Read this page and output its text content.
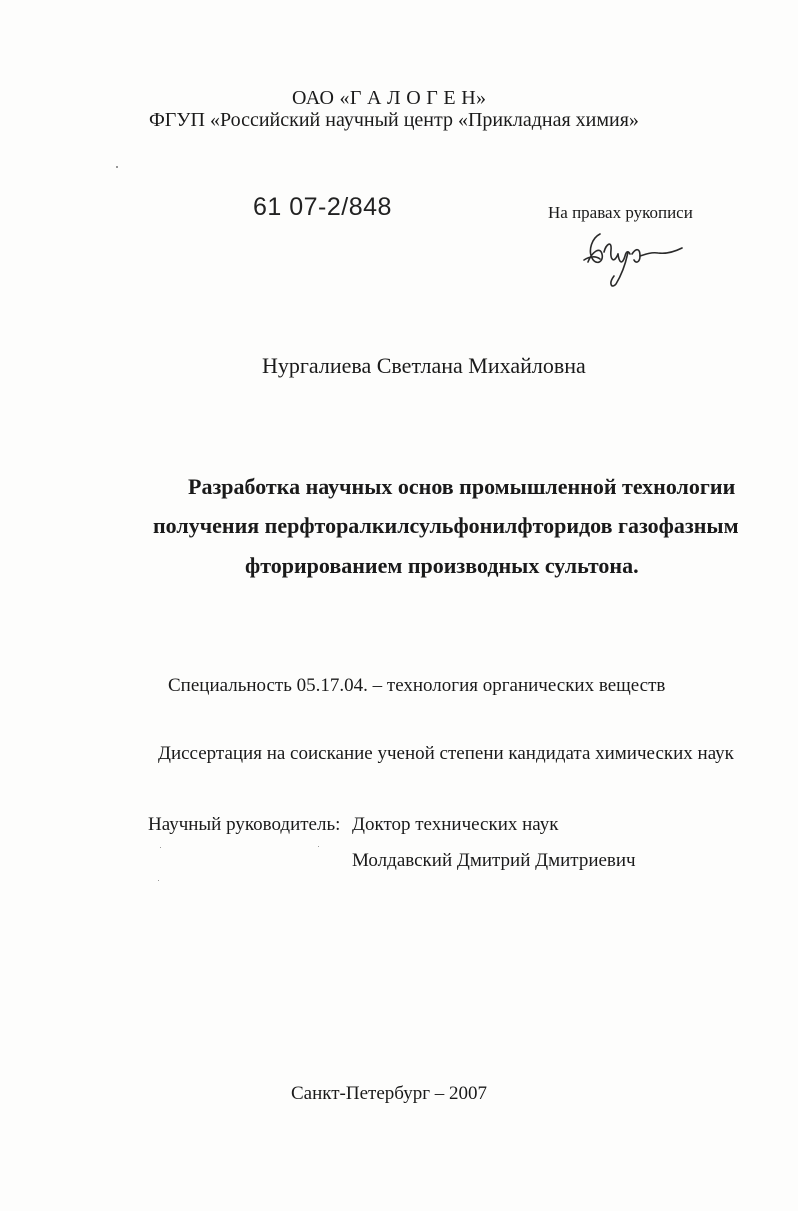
ОАО «Г А Л О Г Е Н»
ФГУП «Российский научный центр «Прикладная химия»
61 07-2/848	На правах рукописи
Нургалиева Светлана Михайловна
Разработка научных основ промышленной технологии
получения перфторалкилсульфонилфторидов газофазным
фторированием производных сультона.
Специальность 05.17.04. – технология органических веществ
Диссертация на соискание ученой степени кандидата химических наук
Научный руководитель: Доктор технических наук
Молдавский Дмитрий Дмитриевич
Санкт-Петербург – 2007
